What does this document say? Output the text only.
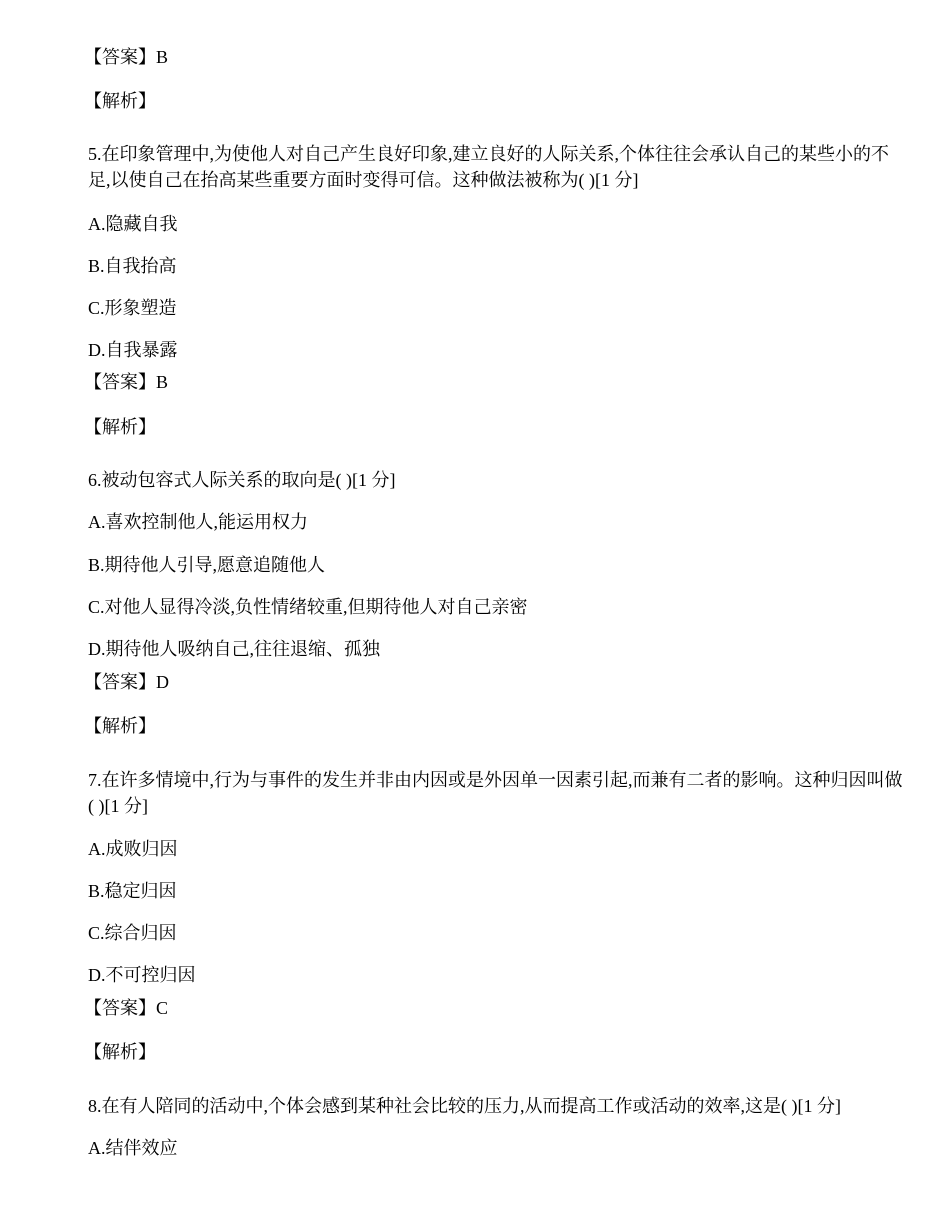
【答案】B
【解析】
5.在印象管理中,为使他人对自己产生良好印象,建立良好的人际关系,个体往往会承认自己的某些小的不足,以使自己在抬高某些重要方面时变得可信。这种做法被称为( )[1 分]
A.隐藏自我
B.自我抬高
C.形象塑造
D.自我暴露
【答案】B
【解析】
6.被动包容式人际关系的取向是( )[1 分]
A.喜欢控制他人,能运用权力
B.期待他人引导,愿意追随他人
C.对他人显得冷淡,负性情绪较重,但期待他人对自己亲密
D.期待他人吸纳自己,往往退缩、孤独
【答案】D
【解析】
7.在许多情境中,行为与事件的发生并非由内因或是外因单一因素引起,而兼有二者的影响。这种归因叫做( )[1 分]
A.成败归因
B.稳定归因
C.综合归因
D.不可控归因
【答案】C
【解析】
8.在有人陪同的活动中,个体会感到某种社会比较的压力,从而提高工作或活动的效率,这是( )[1 分]
A.结伴效应
